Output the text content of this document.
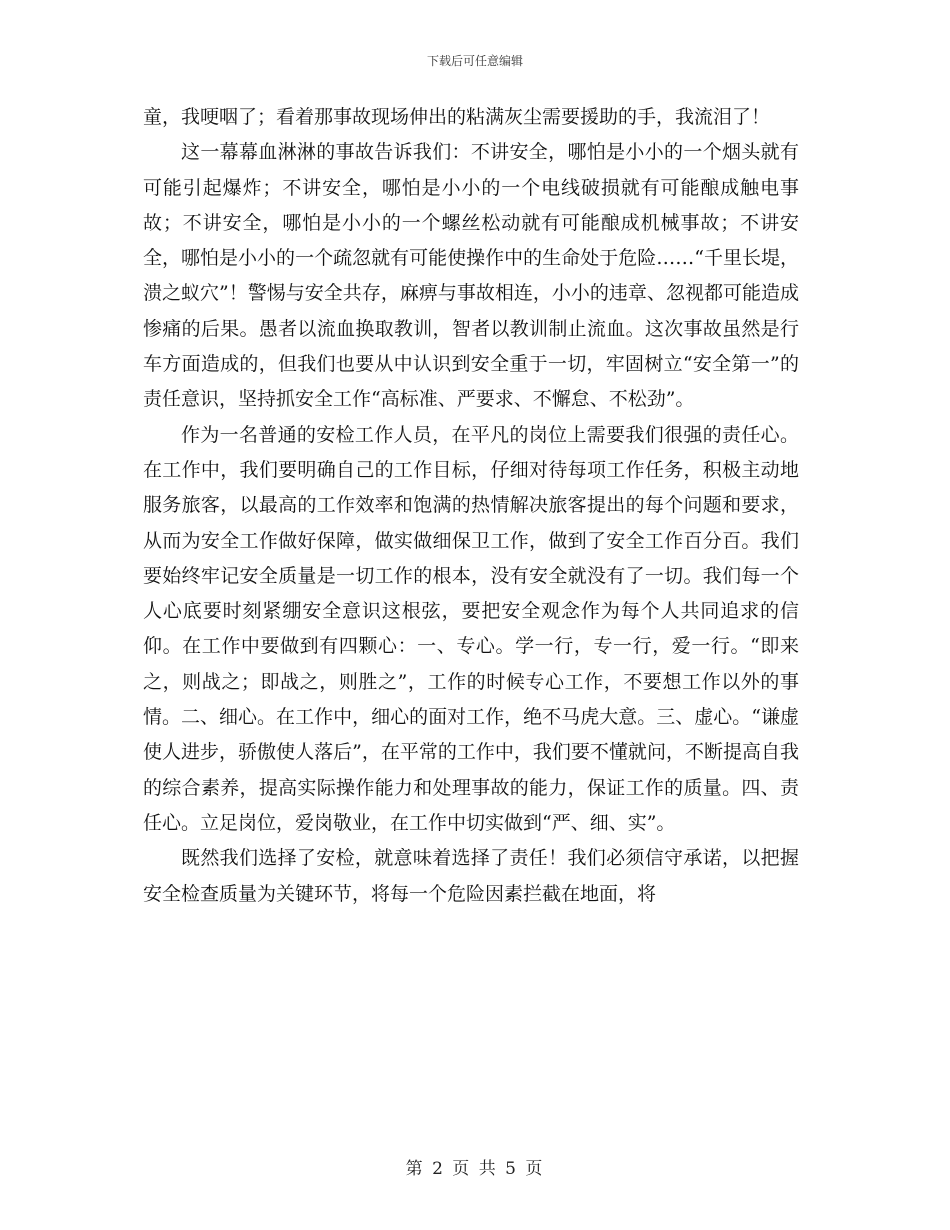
下载后可任意编辑

童，我哽咽了；看着那事故现场伸出的粘满灰尘需要援助的手，我流泪了！

这一幕幕血淋淋的事故告诉我们：不讲安全，哪怕是小小的一个烟头就有可能引起爆炸；不讲安全，哪怕是小小的一个电线破损就有可能酿成触电事故；不讲安全，哪怕是小小的一个螺丝松动就有可能酿成机械事故；不讲安全，哪怕是小小的一个疏忽就有可能使操作中的生命处于危险……“千里长堤，溃之蚁穴”！警惕与安全共存，麻痹与事故相连，小小的违章、忽视都可能造成惨痛的后果。愚者以流血换取教训，智者以教训制止流血。这次事故虽然是行车方面造成的，但我们也要从中认识到安全重于一切，牢固树立“安全第一”的责任意识，坚持抓安全工作“高标准、严要求、不懈怠、不松劲”。

作为一名普通的安检工作人员，在平凡的岗位上需要我们很强的责任心。在工作中，我们要明确自己的工作目标，仔细对待每项工作任务，积极主动地服务旅客，以最高的工作效率和饱满的热情解决旅客提出的每个问题和要求，从而为安全工作做好保障，做实做细保卫工作，做到了安全工作百分百。我们要始终牢记安全质量是一切工作的根本，没有安全就没有了一切。我们每一个人心底要时刻紧绷安全意识这根弦，要把安全观念作为每个人共同追求的信仰。在工作中要做到有四颗心：一、专心。学一行，专一行，爱一行。“即来之，则战之；即战之，则胜之”，工作的时候专心工作，不要想工作以外的事情。二、细心。在工作中，细心的面对工作，绝不马虎大意。三、虚心。“谦虚使人进步，骄傲使人落后”，在平常的工作中，我们要不懂就问，不断提高自我的综合素养，提高实际操作能力和处理事故的能力，保证工作的质量。四、责任心。立足岗位，爱岗敬业，在工作中切实做到“严、细、实”。

既然我们选择了安检，就意味着选择了责任！我们必须信守承诺，以把握安全检查质量为关键环节，将每一个危险因素拦截在地面，将

第 2 页 共 5 页
